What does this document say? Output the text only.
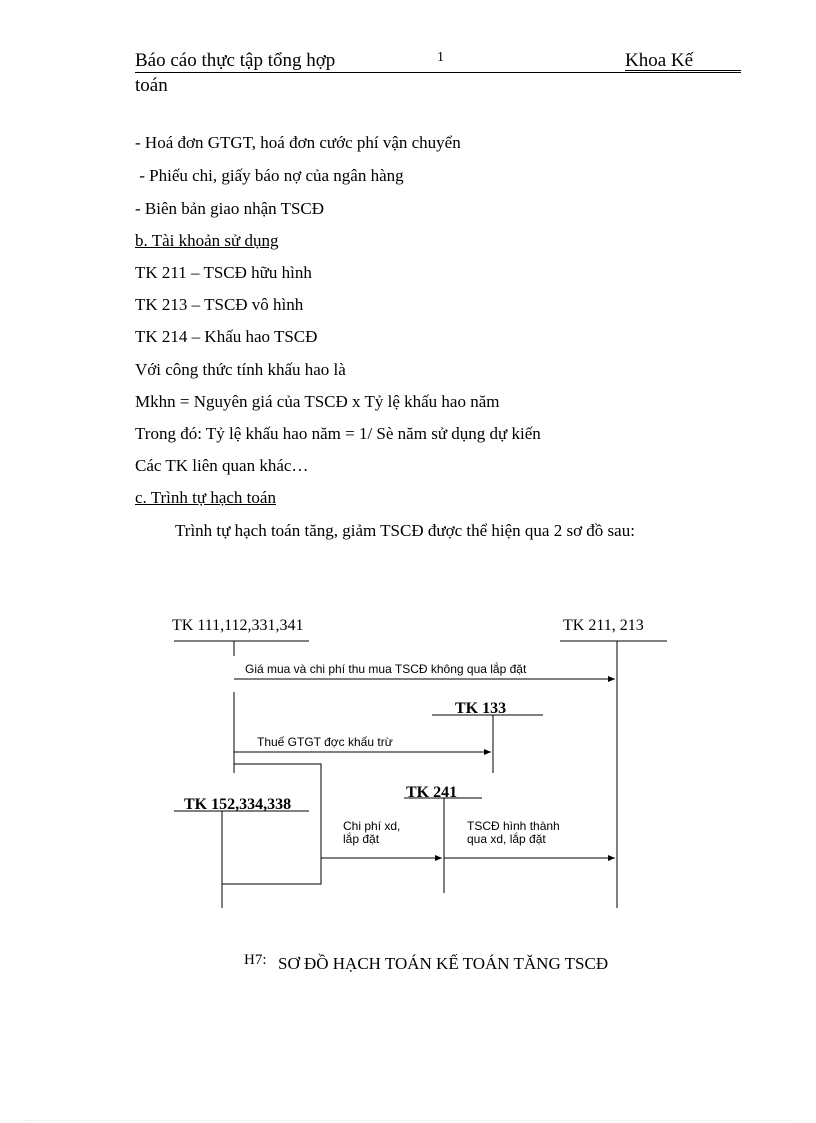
Báo cáo thực tập tổng hợp	1	Khoa Kế
toán
- Hoá đơn GTGT, hoá đơn cước phí vận chuyển
- Phiếu chi, giấy báo nợ của ngân hàng
- Biên bản giao nhận TSCĐ
b. Tài khoản sử dụng
TK 211 – TSCĐ hữu hình
TK 213 – TSCĐ vô hình
TK 214 – Khấu hao TSCĐ
Với công thức tính khấu hao là
Mkhn = Nguyên giá của TSCĐ x Tỷ lệ khấu hao năm
Trong đó: Tỷ lệ khấu hao năm = 1/ Sè năm sử dụng dự kiến
Các TK liên quan khác…
c. Trình tự hạch toán
Trình tự hạch toán tăng, giảm TSCĐ được thể hiện qua 2 sơ đồ sau:
TK 111,112,331,341	TK 211, 213
TK 133
TK 241
TK 152,334,338
Giá mua và chi phí thu mua TSCĐ không qua lắp đặt
Thuế GTGT đợc khấu trừ
Chi phí xd,
lắp đặt
TSCĐ hình thành
qua xd, lắp đặt
H7: SƠ ĐỒ HẠCH TOÁN KẾ TOÁN TĂNG TSCĐ
